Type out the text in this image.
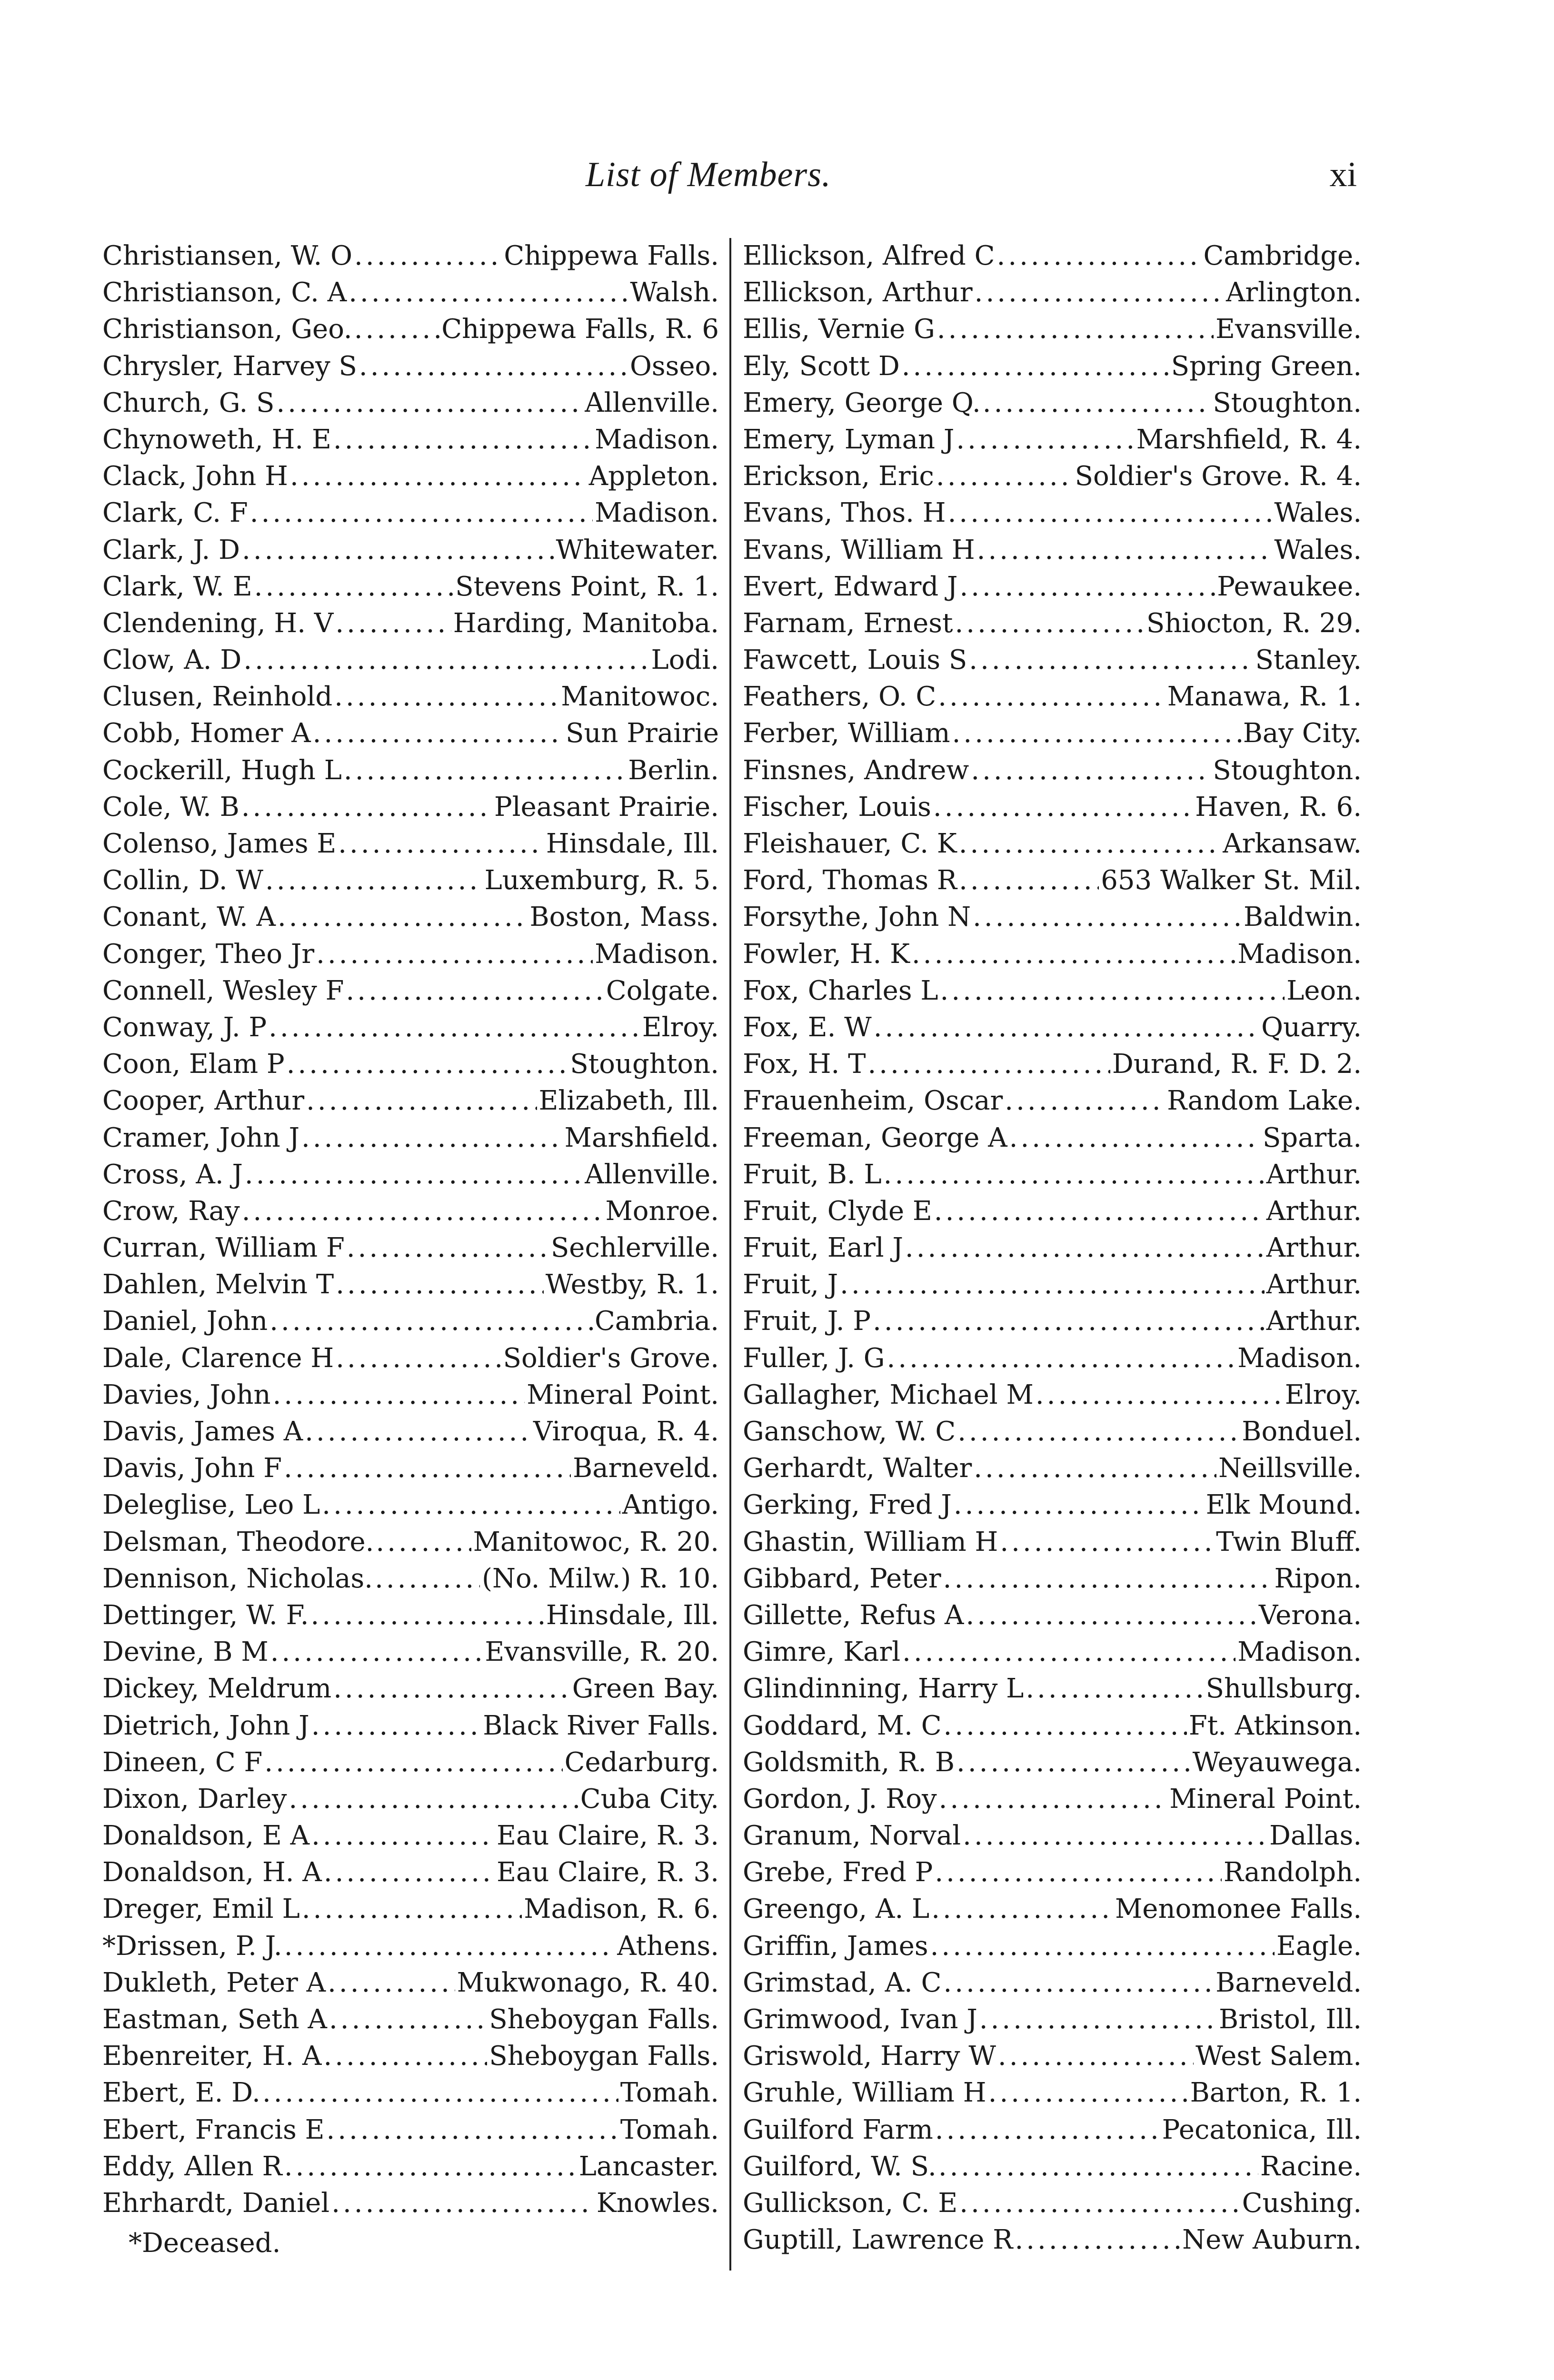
List of Members.	xi
Christiansen, W. O .....	Chippewa Falls.
Christianson, C. A .....	Walsh.
Christianson, Geo. .....	Chippewa Falls, R. 6
Chrysler, Harvey S .....	Osseo.
Church, G. S .....	Allenville.
Chynoweth, H. E .....	Madison.
Clack, John H .....	Appleton.
Clark, C. F .....	Madison.
Clark, J. D .....	Whitewater.
Clark, W. E .....	Stevens Point, R. 1.
Clendening, H. V .....	Harding, Manitoba.
Clow, A. D .....	Lodi.
Clusen, Reinhold .....	Manitowoc.
Cobb, Homer A .....	Sun Prairie
Cockerill, Hugh L .....	Berlin.
Cole, W. B .....	Pleasant Prairie.
Colenso, James E .....	Hinsdale, Ill.
Collin, D. W .....	Luxemburg, R. 5.
Conant, W. A .....	Boston, Mass.
Conger, Theo Jr .....	Madison.
Connell, Wesley F .....	Colgate.
Conway, J. P .....	Elroy.
Coon, Elam P .....	Stoughton.
Cooper, Arthur .....	Elizabeth, Ill.
Cramer, John J .....	Marshfield.
Cross, A. J .....	Allenville.
Crow, Ray .....	Monroe.
Curran, William F .....	Sechlerville.
Dahlen, Melvin T .....	Westby, R. 1.
Daniel, John .....	Cambria.
Dale, Clarence H .....	Soldier's Grove.
Davies, John .....	Mineral Point.
Davis, James A .....	Viroqua, R. 4.
Davis, John F .....	Barneveld.
Deleglise, Leo L .....	Antigo.
Delsman, Theodore. .....	Manitowoc, R. 20.
Dennison, Nicholas. .....	(No. Milw.) R. 10.
Dettinger, W. F. .....	Hinsdale, Ill.
Devine, B M .....	Evansville, R. 20.
Dickey, Meldrum .....	Green Bay.
Dietrich, John J .....	Black River Falls.
Dineen, C F .....	Cedarburg.
Dixon, Darley .....	Cuba City.
Donaldson, E A .....	Eau Claire, R. 3.
Donaldson, H. A .....	Eau Claire, R. 3.
Dreger, Emil L .....	Madison, R. 6.
*Drissen, P. J. .....	Athens.
Dukleth, Peter A .....	Mukwonago, R. 40.
Eastman, Seth A .....	Sheboygan Falls.
Ebenreiter, H. A .....	Sheboygan Falls.
Ebert, E. D. .....	Tomah.
Ebert, Francis E .....	Tomah.
Eddy, Allen R .....	Lancaster.
Ehrhardt, Daniel .....	Knowles.
Ellickson, Alfred C .....	Cambridge.
Ellickson, Arthur .....	Arlington.
Ellis, Vernie G .....	Evansville.
Ely, Scott D .....	Spring Green.
Emery, George Q. .....	Stoughton.
Emery, Lyman J .....	Marshfield, R. 4.
Erickson, Eric .....	Soldier's Grove. R. 4.
Evans, Thos. H .....	Wales.
Evans, William H .....	Wales.
Evert, Edward J .....	Pewaukee.
Farnam, Ernest .....	Shiocton, R. 29.
Fawcett, Louis S .....	Stanley.
Feathers, O. C .....	Manawa, R. 1.
Ferber, William .....	Bay City.
Finsnes, Andrew .....	Stoughton.
Fischer, Louis .....	Haven, R. 6.
Fleishauer, C. K .....	Arkansaw.
Ford, Thomas R .....	653 Walker St. Mil.
Forsythe, John N .....	Baldwin.
Fowler, H. K .....	Madison.
Fox, Charles L .....	Leon.
Fox, E. W .....	Quarry.
Fox, H. T .....	Durand, R. F. D. 2.
Frauenheim, Oscar .....	Random Lake.
Freeman, George A .....	Sparta.
Fruit, B. L .....	Arthur.
Fruit, Clyde E .....	Arthur.
Fruit, Earl J .....	Arthur.
Fruit, J .....	Arthur.
Fruit, J. P .....	Arthur.
Fuller, J. G .....	Madison.
Gallagher, Michael M .....	Elroy.
Ganschow, W. C .....	Bonduel.
Gerhardt, Walter .....	Neillsville.
Gerking, Fred J .....	Elk Mound.
Ghastin, William H .....	Twin Bluff.
Gibbard, Peter .....	Ripon.
Gillette, Refus A .....	Verona.
Gimre, Karl .....	Madison.
Glindinning, Harry L .....	Shullsburg.
Goddard, M. C .....	Ft. Atkinson.
Goldsmith, R. B .....	Weyauwega.
Gordon, J. Roy .....	Mineral Point.
Granum, Norval .....	Dallas.
Grebe, Fred P .....	Randolph.
Greengo, A. L .....	Menomonee Falls.
Griffin, James .....	Eagle.
Grimstad, A. C .....	Barneveld.
Grimwood, Ivan J .....	Bristol, Ill.
Griswold, Harry W .....	West Salem.
Gruhle, William H .....	Barton, R. 1.
Guilford Farm .....	Pecatonica, Ill.
Guilford, W. S. .....	Racine.
Gullickson, C. E .....	Cushing.
Guptill, Lawrence R .....	New Auburn.
*Deceased.
